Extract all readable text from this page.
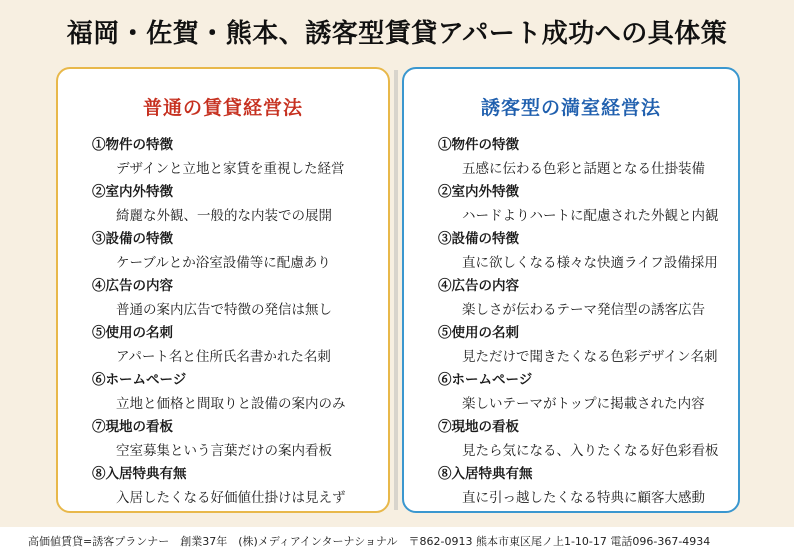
福岡・佐賀・熊本、誘客型賃貸アパート成功への具体策
普通の賃貸経営法
①物件の特徴
デザインと立地と家賃を重視した経営
②室内外特徴
綺麗な外観、一般的な内装での展開
③設備の特徴
ケーブルとか浴室設備等に配慮あり
④広告の内容
普通の案内広告で特徴の発信は無し
⑤使用の名刺
アパート名と住所氏名書かれた名刺
⑥ホームページ
立地と価格と間取りと設備の案内のみ
⑦現地の看板
空室募集という言葉だけの案内看板
⑧入居特典有無
入居したくなる好価値仕掛けは見えず
誘客型の満室経営法
①物件の特徴
五感に伝わる色彩と話題となる仕掛装備
②室内外特徴
ハードよりハートに配慮された外観と内観
③設備の特徴
直に欲しくなる様々な快適ライフ設備採用
④広告の内容
楽しさが伝わるテーマ発信型の誘客広告
⑤使用の名刺
見ただけで聞きたくなる色彩デザイン名刺
⑥ホームページ
楽しいテーマがトップに掲載された内容
⑦現地の看板
見たら気になる、入りたくなる好色彩看板
⑧入居特典有無
直に引っ越したくなる特典に顧客大感動
高価値賃貸=誘客プランナー　創業37年　(株)メディアインターナショナル　〒862-0913 熊本市東区尾ノ上1-10-17 電話096-367-4934
